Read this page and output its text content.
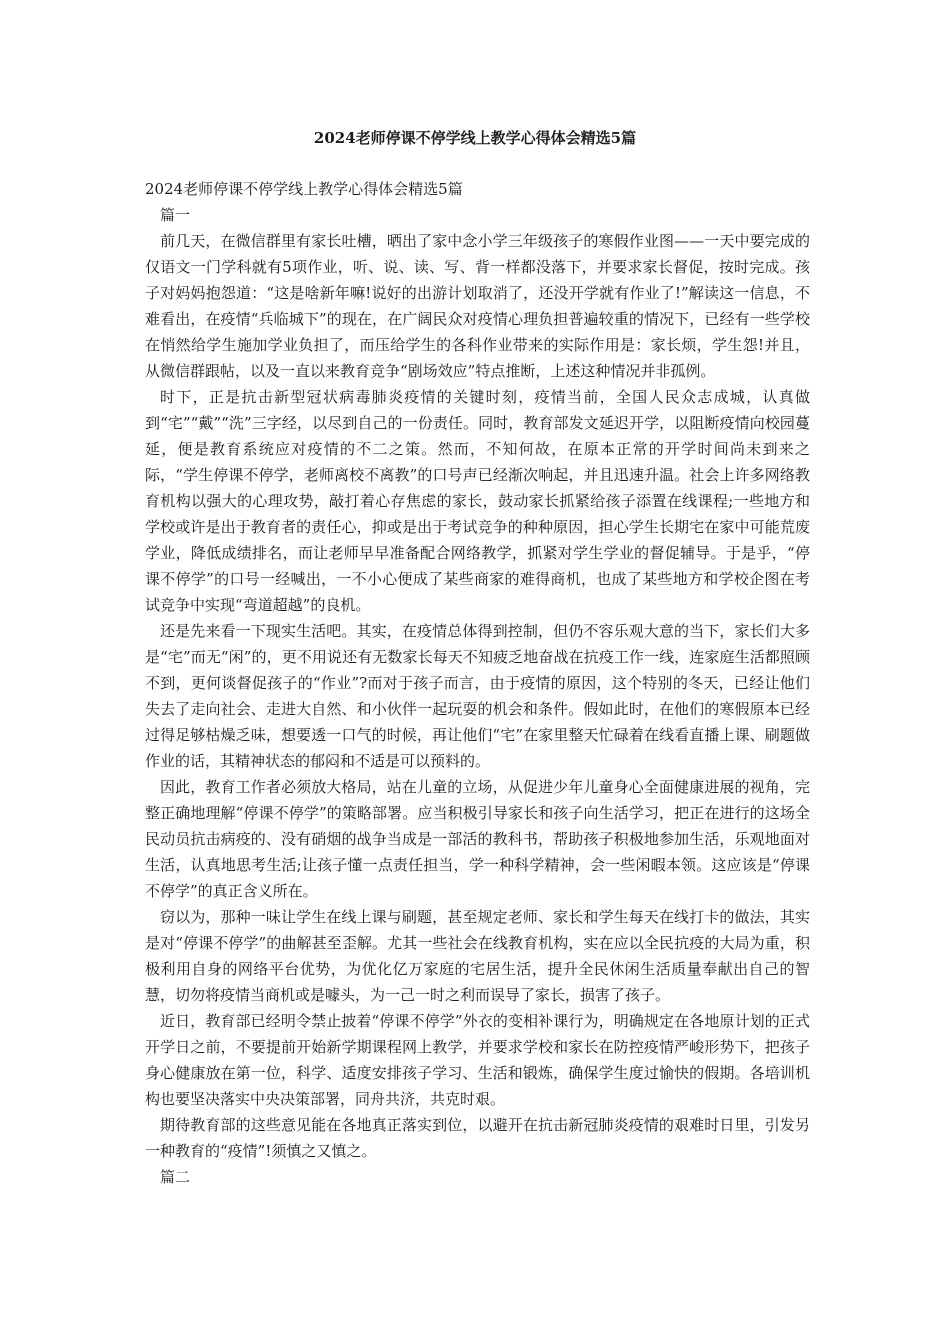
2024老师停课不停学线上教学心得体会精选5篇

2024老师停课不停学线上教学心得体会精选5篇

篇一

前几天，在微信群里有家长吐槽，晒出了家中念小学三年级孩子的寒假作业图——一天中要完成的仅语文一门学科就有5项作业，听、说、读、写、背一样都没落下，并要求家长督促，按时完成。孩子对妈妈抱怨道：“这是啥新年嘛!说好的出游计划取消了，还没开学就有作业了!”解读这一信息，不难看出，在疫情“兵临城下”的现在，在广阔民众对疫情心理负担普遍较重的情况下，已经有一些学校在悄然给学生施加学业负担了，而压给学生的各科作业带来的实际作用是：家长烦，学生怨!并且，从微信群跟帖，以及一直以来教育竞争“剧场效应”特点推断，上述这种情况并非孤例。

时下，正是抗击新型冠状病毒肺炎疫情的关键时刻，疫情当前，全国人民众志成城，认真做到“宅”“戴”“洗”三字经，以尽到自己的一份责任。同时，教育部发文延迟开学，以阻断疫情向校园蔓延，便是教育系统应对疫情的不二之策。然而，不知何故，在原本正常的开学时间尚未到来之际，“学生停课不停学，老师离校不离教”的口号声已经渐次响起，并且迅速升温。社会上许多网络教育机构以强大的心理攻势，敲打着心存焦虑的家长，鼓动家长抓紧给孩子添置在线课程;一些地方和学校或许是出于教育者的责任心，抑或是出于考试竞争的种种原因，担心学生长期宅在家中可能荒废学业，降低成绩排名，而让老师早早准备配合网络教学，抓紧对学生学业的督促辅导。于是乎，“停课不停学”的口号一经喊出，一不小心便成了某些商家的难得商机，也成了某些地方和学校企图在考试竞争中实现“弯道超越”的良机。

还是先来看一下现实生活吧。其实，在疫情总体得到控制，但仍不容乐观大意的当下，家长们大多是“宅”而无“闲”的，更不用说还有无数家长每天不知疲乏地奋战在抗疫工作一线，连家庭生活都照顾不到，更何谈督促孩子的“作业”?而对于孩子而言，由于疫情的原因，这个特别的冬天，已经让他们失去了走向社会、走进大自然、和小伙伴一起玩耍的机会和条件。假如此时，在他们的寒假原本已经过得足够枯燥乏味，想要透一口气的时候，再让他们“宅”在家里整天忙碌着在线看直播上课、刷题做作业的话，其精神状态的郁闷和不适是可以预料的。

因此，教育工作者必须放大格局，站在儿童的立场，从促进少年儿童身心全面健康进展的视角，完整正确地理解“停课不停学”的策略部署。应当积极引导家长和孩子向生活学习，把正在进行的这场全民动员抗击病疫的、没有硝烟的战争当成是一部活的教科书，帮助孩子积极地参加生活，乐观地面对生活，认真地思考生活;让孩子懂一点责任担当，学一种科学精神，会一些闲暇本领。这应该是“停课不停学”的真正含义所在。

窃以为，那种一味让学生在线上课与刷题，甚至规定老师、家长和学生每天在线打卡的做法，其实是对“停课不停学”的曲解甚至歪解。尤其一些社会在线教育机构，实在应以全民抗疫的大局为重，积极利用自身的网络平台优势，为优化亿万家庭的宅居生活，提升全民休闲生活质量奉献出自己的智慧，切勿将疫情当商机或是噱头，为一己一时之利而误导了家长，损害了孩子。

近日，教育部已经明令禁止披着“停课不停学”外衣的变相补课行为，明确规定在各地原计划的正式开学日之前，不要提前开始新学期课程网上教学，并要求学校和家长在防控疫情严峻形势下，把孩子身心健康放在第一位，科学、适度安排孩子学习、生活和锻炼，确保学生度过愉快的假期。各培训机构也要坚决落实中央决策部署，同舟共济，共克时艰。

期待教育部的这些意见能在各地真正落实到位，以避开在抗击新冠肺炎疫情的艰难时日里，引发另一种教育的“疫情”!须慎之又慎之。

篇二
